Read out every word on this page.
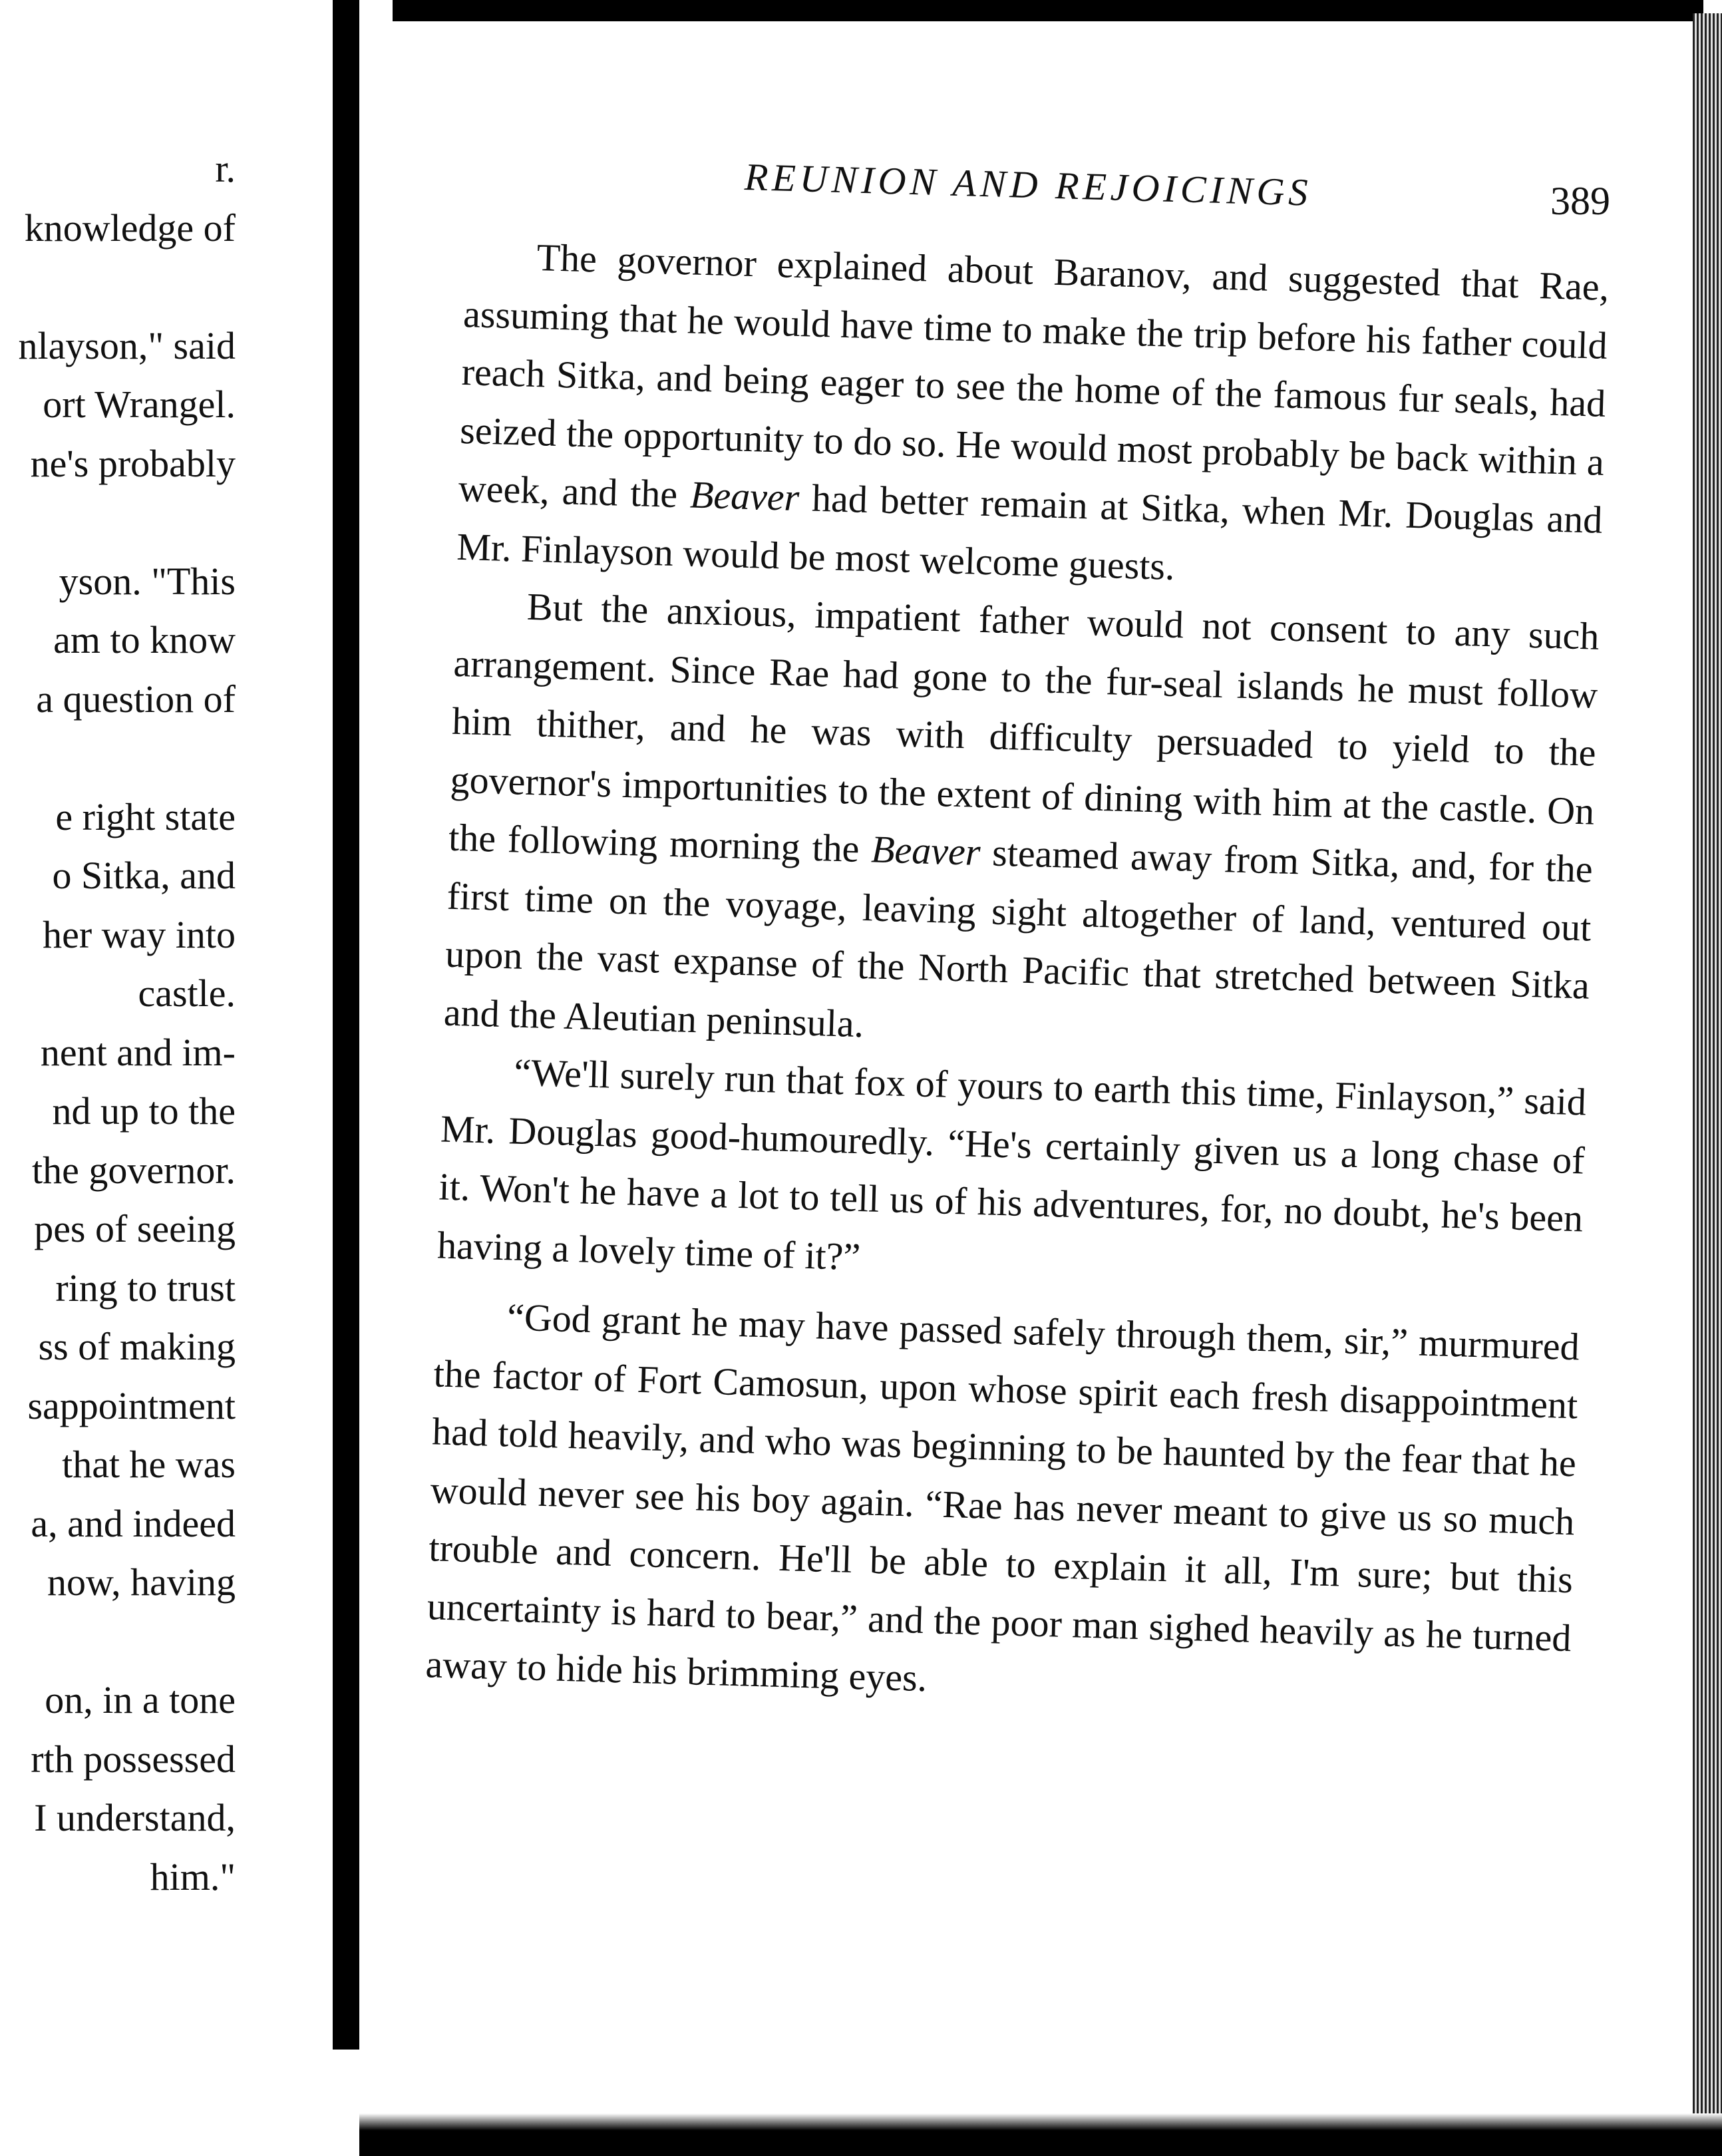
r.
knowledge of
nlayson," said
ort Wrangel.
ne's probably
yson. "This
am to know
a question of
e right state
o Sitka, and
her way into
castle.
nent and im-
nd up to the
the governor.
pes of seeing
ring to trust
ss of making
sappointment
that he was
a, and indeed
now, having
on, in a tone
rth possessed
I understand,
him."
REUNION AND REJOICINGS	389

The governor explained about Baranov, and suggested that Rae, assuming that he would have time to make the trip before his father could reach Sitka, and being eager to see the home of the famous fur seals, had seized the opportunity to do so. He would most probably be back within a week, and the Beaver had better remain at Sitka, when Mr. Douglas and Mr. Finlayson would be most welcome guests.

But the anxious, impatient father would not consent to any such arrangement. Since Rae had gone to the fur-seal islands he must follow him thither, and he was with difficulty persuaded to yield to the governor's importunities to the extent of dining with him at the castle. On the following morning the Beaver steamed away from Sitka, and, for the first time on the voyage, leaving sight altogether of land, ventured out upon the vast expanse of the North Pacific that stretched between Sitka and the Aleutian peninsula.

“We'll surely run that fox of yours to earth this time, Finlayson,” said Mr. Douglas good-humouredly. “He's certainly given us a long chase of it. Won't he have a lot to tell us of his adventures, for, no doubt, he's been having a lovely time of it?”

“God grant he may have passed safely through them, sir,” murmured the factor of Fort Camosun, upon whose spirit each fresh disappointment had told heavily, and who was beginning to be haunted by the fear that he would never see his boy again. “Rae has never meant to give us so much trouble and concern. He'll be able to explain it all, I'm sure; but this uncertainty is hard to bear,” and the poor man sighed heavily as he turned away to hide his brimming eyes.
